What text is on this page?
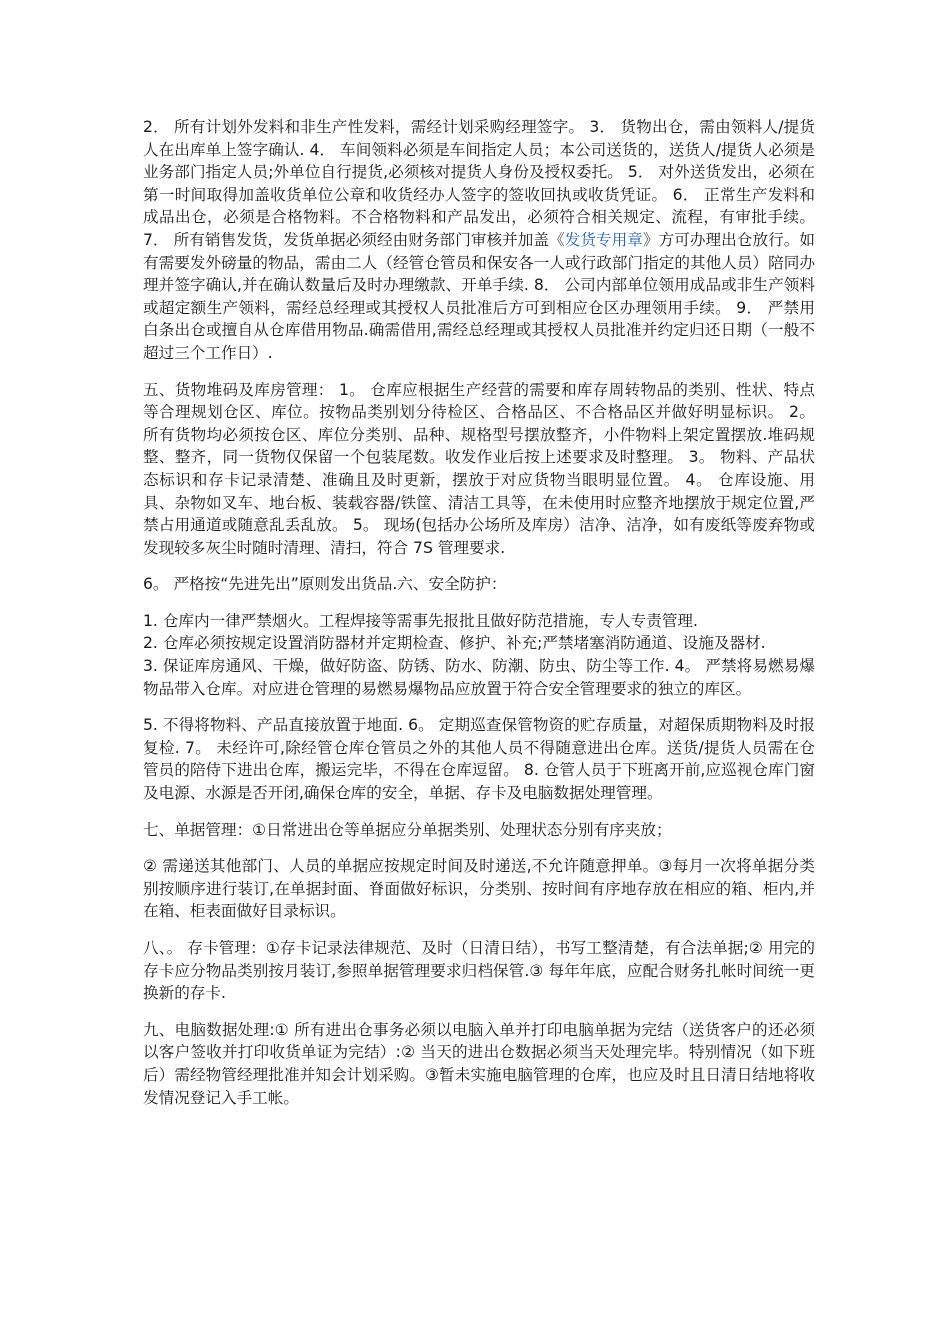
2． 所有计划外发料和非生产性发料，需经计划采购经理签字。 3． 货物出仓，需由领料人/提货人在出库单上签字确认. 4． 车间领料必须是车间指定人员；本公司送货的，送货人/提货人必须是业务部门指定人员;外单位自行提货,必须核对提货人身份及授权委托。 5． 对外送货发出，必须在第一时间取得加盖收货单位公章和收货经办人签字的签收回执或收货凭证。 6． 正常生产发料和成品出仓，必须是合格物料。不合格物料和产品发出，必须符合相关规定、流程，有审批手续。 7． 所有销售发货，发货单据必须经由财务部门审核并加盖《发货专用章》方可办理出仓放行。如有需要发外磅量的物品，需由二人（经管仓管员和保安各一人或行政部门指定的其他人员）陪同办理并签字确认,并在确认数量后及时办理缴款、开单手续. 8． 公司内部单位领用成品或非生产领料或超定额生产领料，需经总经理或其授权人员批准后方可到相应仓区办理领用手续。 9． 严禁用白条出仓或擅自从仓库借用物品.确需借用,需经总经理或其授权人员批准并约定归还日期（一般不超过三个工作日）.

五、货物堆码及库房管理： 1。 仓库应根据生产经营的需要和库存周转物品的类别、性状、特点等合理规划仓区、库位。按物品类别划分待检区、合格品区、不合格品区并做好明显标识。 2。 所有货物均必须按仓区、库位分类别、品种、规格型号摆放整齐，小件物料上架定置摆放.堆码规整、整齐，同一货物仅保留一个包装尾数。收发作业后按上述要求及时整理。 3。 物料、产品状态标识和存卡记录清楚、准确且及时更新，摆放于对应货物当眼明显位置。 4。 仓库设施、用具、杂物如叉车、地台板、装载容器/铁筐、清洁工具等，在未使用时应整齐地摆放于规定位置,严禁占用通道或随意乱丢乱放。 5。 现场(包括办公场所及库房）洁净、洁净，如有废纸等废弃物或发现较多灰尘时随时清理、清扫，符合 7S 管理要求.

6。 严格按“先进先出”原则发出货品.六、安全防护：

1. 仓库内一律严禁烟火。工程焊接等需事先报批且做好防范措施，专人专责管理.

2. 仓库必须按规定设置消防器材并定期检查、修护、补充;严禁堵塞消防通道、设施及器材.

3. 保证库房通风、干燥，做好防盗、防锈、防水、防潮、防虫、防尘等工作. 4。 严禁将易燃易爆物品带入仓库。对应进仓管理的易燃易爆物品应放置于符合安全管理要求的独立的库区。

5. 不得将物料、产品直接放置于地面. 6。 定期巡查保管物资的贮存质量，对超保质期物料及时报复检. 7。 未经许可,除经管仓库仓管员之外的其他人员不得随意进出仓库。送货/提货人员需在仓管员的陪侍下进出仓库，搬运完毕，不得在仓库逗留。 8. 仓管人员于下班离开前,应巡视仓库门窗及电源、水源是否开闭,确保仓库的安全，单据、存卡及电脑数据处理管理。

七、单据管理：①日常进出仓等单据应分单据类别、处理状态分别有序夹放；

② 需递送其他部门、人员的单据应按规定时间及时递送,不允许随意押单。③每月一次将单据分类别按顺序进行装订,在单据封面、脊面做好标识，分类别、按时间有序地存放在相应的箱、柜内,并在箱、柜表面做好目录标识。

八、。 存卡管理：①存卡记录法律规范、及时（日清日结），书写工整清楚，有合法单据;② 用完的存卡应分物品类别按月装订,参照单据管理要求归档保管.③ 每年年底，应配合财务扎帐时间统一更换新的存卡.

九、电脑数据处理:① 所有进出仓事务必须以电脑入单并打印电脑单据为完结（送货客户的还必须以客户签收并打印收货单证为完结）:② 当天的进出仓数据必须当天处理完毕。特别情况（如下班后）需经物管经理批准并知会计划采购。③暂未实施电脑管理的仓库，也应及时且日清日结地将收发情况登记入手工帐。
